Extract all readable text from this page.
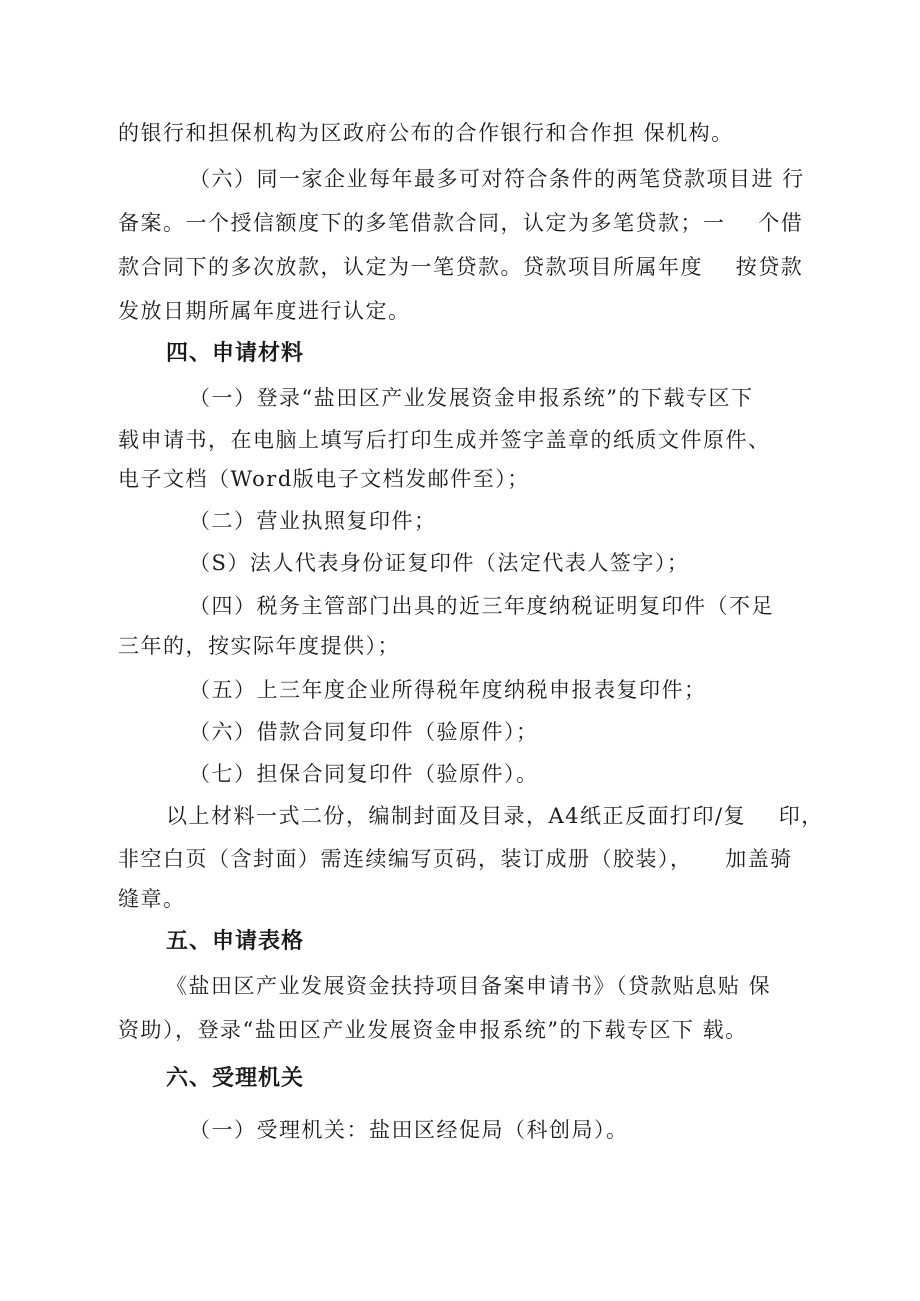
的银行和担保机构为区政府公布的合作银行和合作担 保机构。
（六）同一家企业每年最多可对符合条件的两笔贷款项目进 行
备案。一个授信额度下的多笔借款合同，认定为多笔贷款；一    个借
款合同下的多次放款，认定为一笔贷款。贷款项目所属年度    按贷款
发放日期所属年度进行认定。
四、申请材料
（一）登录“盐田区产业发展资金申报系统”的下载专区下
载申请书，在电脑上填写后打印生成并签字盖章的纸质文件原件、
电子文档（Word版电子文档发邮件至）；
（二）营业执照复印件；
（S）法人代表身份证复印件（法定代表人签字）；
（四）税务主管部门出具的近三年度纳税证明复印件（不足
三年的，按实际年度提供）；
（五）上三年度企业所得税年度纳税申报表复印件；
（六）借款合同复印件（验原件）；
（七）担保合同复印件（验原件）。
以上材料一式二份，编制封面及目录，A4纸正反面打印/复    印，
非空白页（含封面）需连续编写页码，装订成册（胶装），    加盖骑
缝章。
五、申请表格
《盐田区产业发展资金扶持项目备案申请书》（贷款贴息贴 保
资助），登录“盐田区产业发展资金申报系统”的下载专区下 载。
六、受理机关
（一）受理机关：盐田区经促局（科创局）。
